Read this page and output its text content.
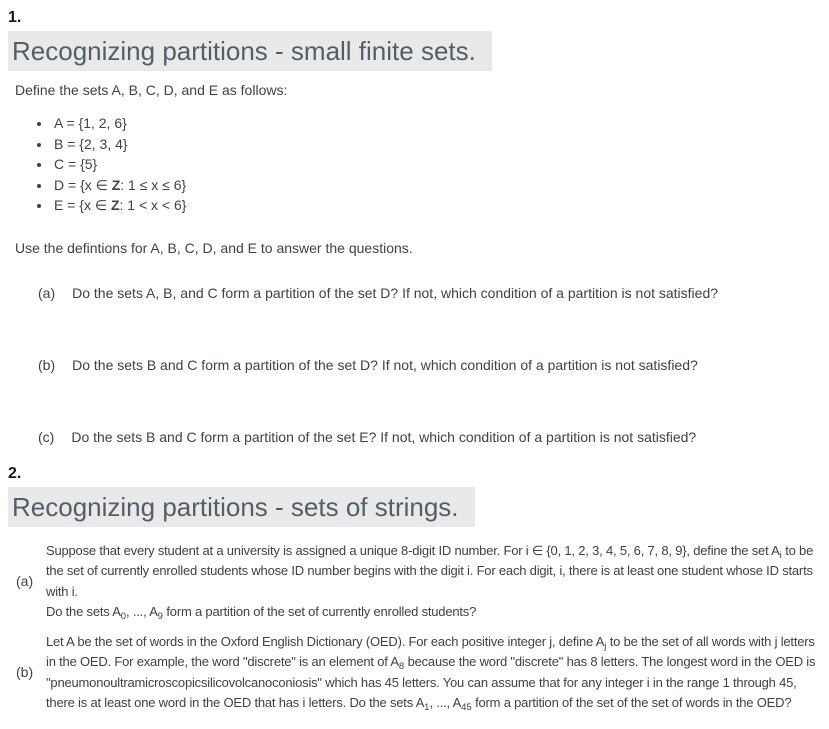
1.
Recognizing partitions - small finite sets.

Define the sets A, B, C, D, and E as follows:

• A = {1, 2, 6}
• B = {2, 3, 4}
• C = {5}
• D = {x ∈ Z: 1 ≤ x ≤ 6}
• E = {x ∈ Z: 1 < x < 6}

Use the defintions for A, B, C, D, and E to answer the questions.

(a) Do the sets A, B, and C form a partition of the set D? If not, which condition of a partition is not satisfied?
(b) Do the sets B and C form a partition of the set D? If not, which condition of a partition is not satisfied?
(c) Do the sets B and C form a partition of the set E? If not, which condition of a partition is not satisfied?
2.
Recognizing partitions - sets of strings.
(a)
Suppose that every student at a university is assigned a unique 8-digit ID number. For i ∈ {0, 1, 2, 3, 4, 5, 6, 7, 8, 9}, define the set $A_i$ to be the set of currently enrolled students whose ID number begins with the digit i. For each digit, i, there is at least one student whose ID starts with i.
Do the sets $A_0$, ..., $A_9$ form a partition of the set of currently enrolled students?
(b)
Let A be the set of words in the Oxford English Dictionary (OED). For each positive integer j, define $A_j$ to be the set of all words with j letters in the OED. For example, the word "discrete" is an element of $A_8$ because the word "discrete" has 8 letters. The longest word in the OED is "pneumonoultramicroscopicsilicovolcanoconiosis" which has 45 letters. You can assume that for any integer i in the range 1 through 45, there is at least one word in the OED that has i letters. Do the sets $A_1$, ..., $A_{45}$ form a partition of the set of the set of words in the OED?
